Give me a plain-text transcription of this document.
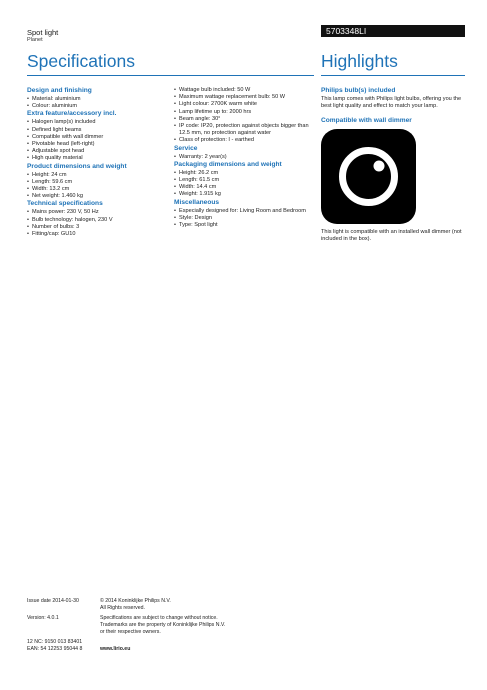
Spot light
Planet
5703348LI
Specifications	Highlights
Design and finishing
• Material: aluminium
• Colour: aluminium
Extra feature/accessory incl.
• Halogen lamp(s) included
• Defined light beams
• Compatible with wall dimmer
• Pivotable head (left-right)
• Adjustable spot head
• High quality material
Product dimensions and weight
• Height: 24 cm
• Length: 59.6 cm
• Width: 13.2 cm
• Net weight: 1.460 kg
Technical specifications
• Mains power: 230 V, 50 Hz
• Bulb technology: halogen, 230 V
• Number of bulbs: 3
• Fitting/cap: GU10
• Wattage bulb included: 50 W
• Maximum wattage replacement bulb: 50 W
• Light colour: 2700K warm white
• Lamp lifetime up to: 2000 hrs
• Beam angle: 30°
• IP code: IP20, protection against objects bigger than 12.5 mm, no protection against water
• Class of protection: I - earthed
Service
• Warranty: 2 year(s)
Packaging dimensions and weight
• Height: 26.2 cm
• Length: 61.5 cm
• Width: 14.4 cm
• Weight: 1.915 kg
Miscellaneous
• Especially designed for: Living Room and Bedroom
• Style: Design
• Type: Spot light
Philips bulb(s) included
This lamp comes with Philips light bulbs, offering you the best light quality and effect to match your lamp.
Compatible with wall dimmer
This light is compatible with an installed wall dimmer (not included in the box).
Issue date 2014-01-30	© 2014 Koninklijke Philips N.V.
All Rights reserved.
Version: 4.0.1	Specifications are subject to change without notice.
Trademarks are the property of Koninklijke Philips N.V.
or their respective owners.
12 NC: 9150 013 83401
EAN: 54 12253 95044 8	www.lirio.eu
